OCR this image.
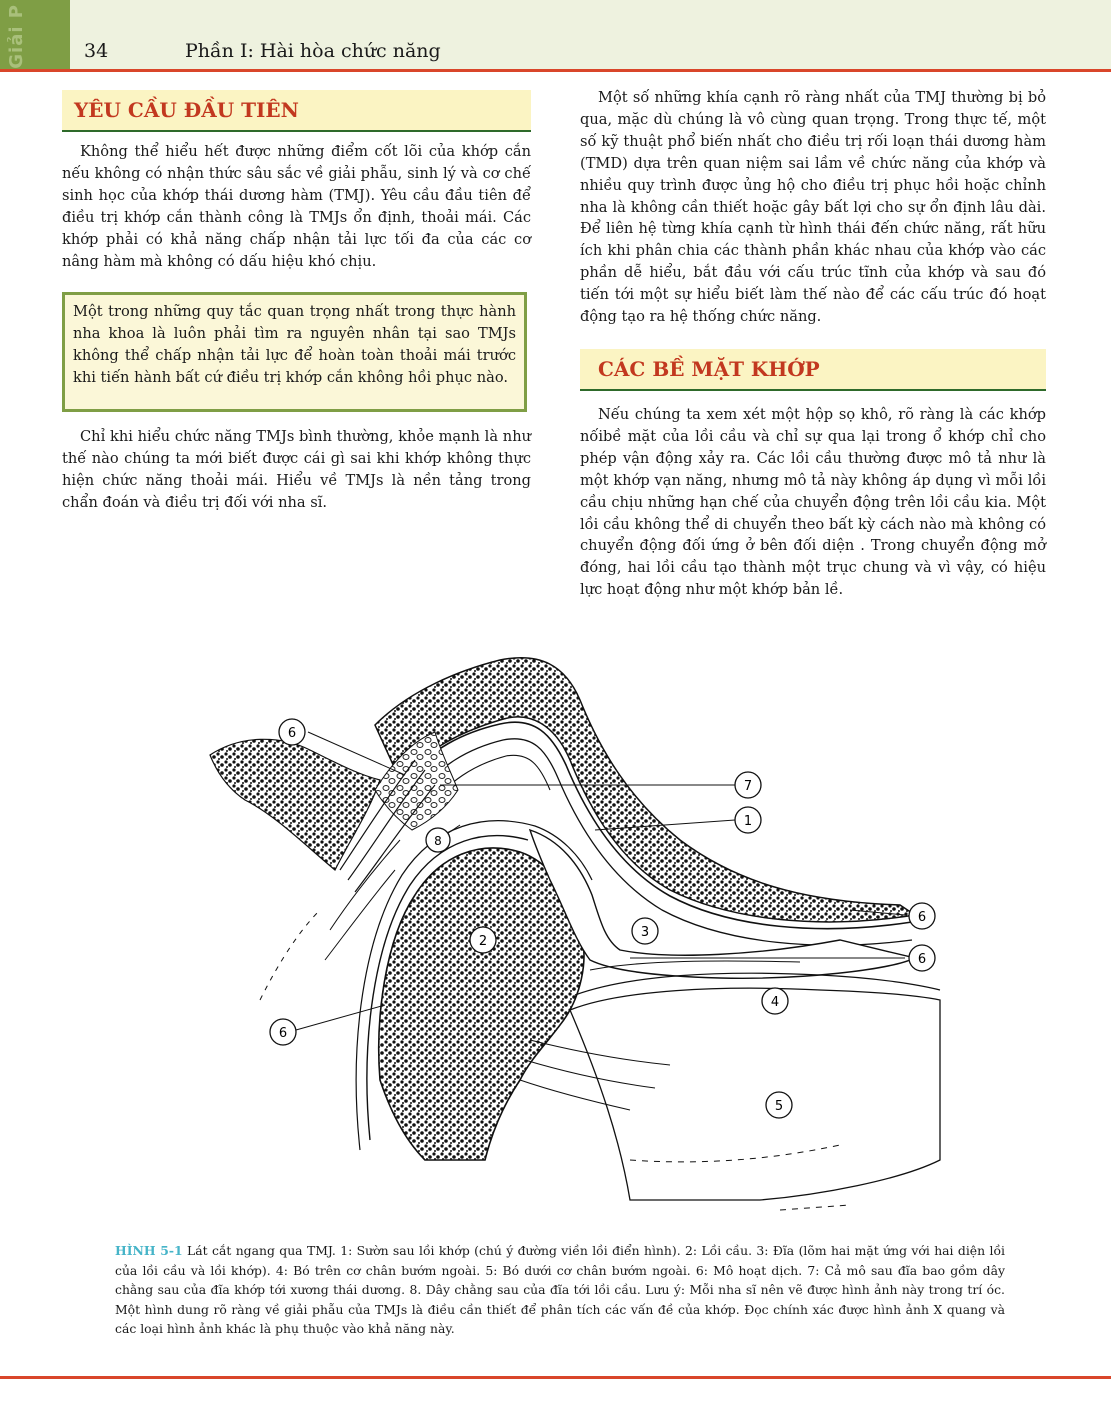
Giải P	34	Phần I: Hài hòa chức năng
YÊU CẦU ĐẦU TIÊN

Không thể hiểu hết được những điểm cốt lõi của khớp cắn nếu không có nhận thức sâu sắc về giải phẫu, sinh lý và cơ chế sinh học của khớp thái dương hàm (TMJ). Yêu cầu đầu tiên để điều trị khớp cắn thành công là TMJs ổn định, thoải mái. Các khớp phải có khả năng chấp nhận tải lực tối đa của các cơ nâng hàm mà không có dấu hiệu khó chịu.

Một trong những quy tắc quan trọng nhất trong thực hành nha khoa là luôn phải tìm ra nguyên nhân tại sao TMJs không thể chấp nhận tải lực để hoàn toàn thoải mái trước khi tiến hành bất cứ điều trị khớp cắn không hồi phục nào.

Chỉ khi hiểu chức năng TMJs bình thường, khỏe mạnh là như thế nào chúng ta mới biết được cái gì sai khi khớp không thực hiện chức năng thoải mái. Hiểu về TMJs là nền tảng trong chẩn đoán và điều trị đối với nha sĩ.

Một số những khía cạnh rõ ràng nhất của TMJ thường bị bỏ qua, mặc dù chúng là vô cùng quan trọng. Trong thực tế, một số kỹ thuật phổ biến nhất cho điều trị rối loạn thái dương hàm (TMD) dựa trên quan niệm sai lầm về chức năng của khớp và nhiều quy trình được ủng hộ cho điều trị phục hồi hoặc chỉnh nha là không cần thiết hoặc gây bất lợi cho sự ổn định lâu dài. Để liên hệ từng khía cạnh từ hình thái đến chức năng, rất hữu ích khi phân chia các thành phần khác nhau của khớp vào các phần dễ hiểu, bắt đầu với cấu trúc tĩnh của khớp và sau đó tiến tới một sự hiểu biết làm thế nào để các cấu trúc đó hoạt động tạo ra hệ thống chức năng.

CÁC BỀ MẶT KHỚP

Nếu chúng ta xem xét một hộp sọ khô, rõ ràng là các khớp nốibề mặt của lồi cầu và chỉ sự qua lại trong ổ khớp chỉ cho phép vận động xảy ra. Các lồi cầu thường được mô tả như là một khớp vạn năng, nhưng mô tả này không áp dụng vì mỗi lồi cầu chịu những hạn chế của chuyển động trên lồi cầu kia. Một lồi cầu không thể di chuyển theo bất kỳ cách nào mà không có chuyển động đối ứng ở bên đối diện . Trong chuyển động mở đóng, hai lồi cầu tạo thành một trục chung và vì vậy, có hiệu lực hoạt động như một khớp bản lề.

6
7
1
8
3
2
6
6
4
6
5

HÌNH 5-1 Lát cắt ngang qua TMJ. 1: Sườn sau lồi khớp (chú ý đường viền lồi điển hình). 2: Lồi cầu. 3: Đĩa (lõm hai mặt ứng với hai diện lồi của lồi cầu và lồi khớp). 4: Bó trên cơ chân bướm ngoài. 5: Bó dưới cơ chân bướm ngoài. 6: Mô hoạt dịch. 7: Cả mô sau đĩa bao gồm dây chằng sau của đĩa khớp tới xương thái dương. 8. Dây chằng sau của đĩa tới lồi cầu. Lưu ý: Mỗi nha sĩ nên vẽ được hình ảnh này trong trí óc. Một hình dung rõ ràng về giải phẫu của TMJs là điều cần thiết để phân tích các vấn đề của khớp. Đọc chính xác được hình ảnh X quang và các loại hình ảnh khác là phụ thuộc vào khả năng này.
